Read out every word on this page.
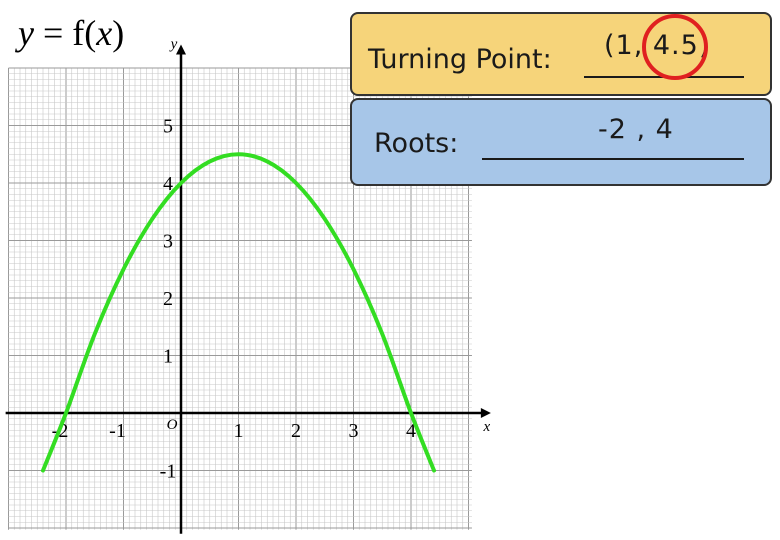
-2 -1	1 2 3 4
-1
1
2
3
4
5
O	x
y
y = f(x)
Turning Point: (1, 4.5)
Roots:	-2 , 4
